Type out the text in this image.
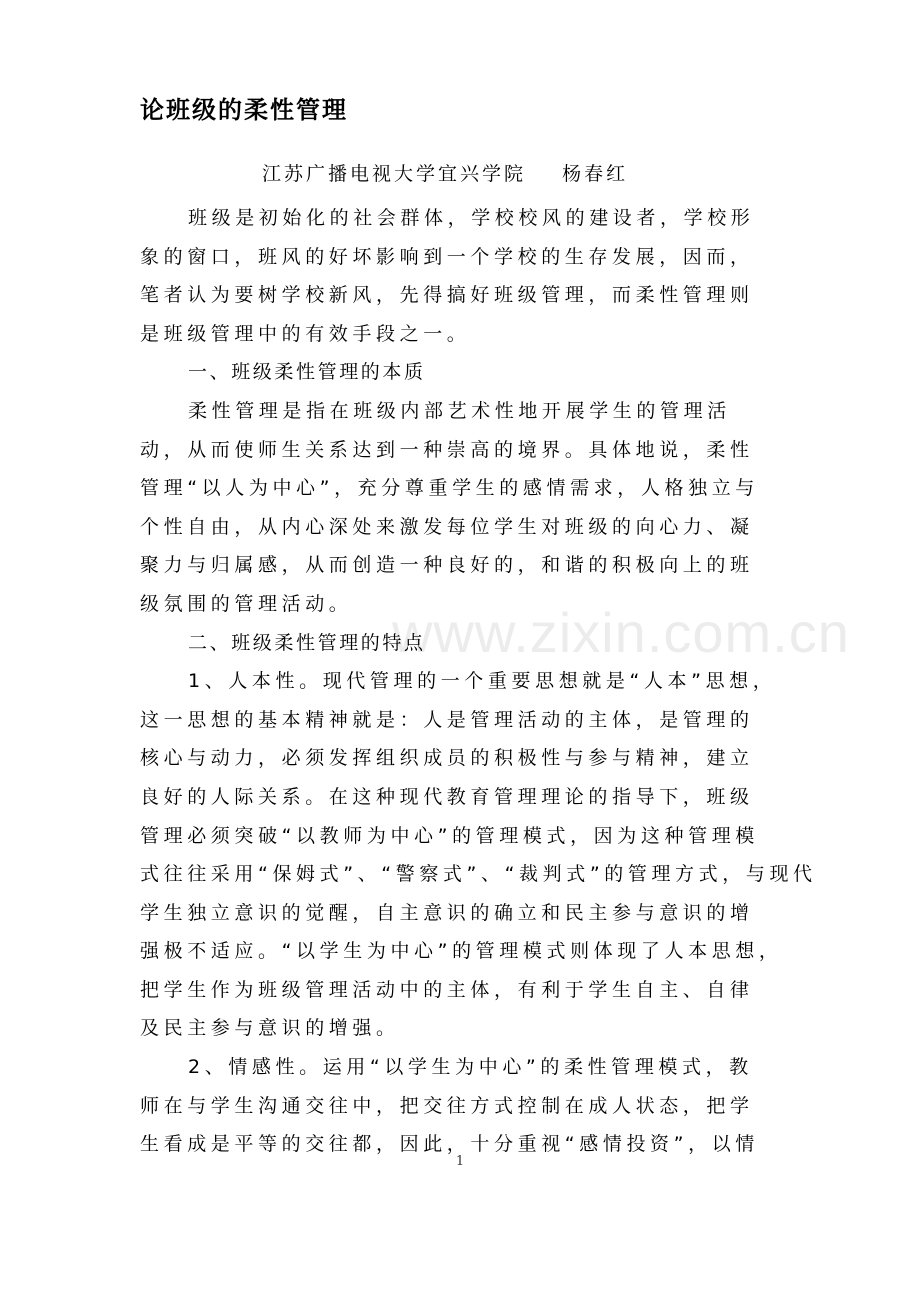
www.zixin.com.cn
论班级的柔性管理
江苏广播电视大学宜兴学院    杨春红
班级是初始化的社会群体，学校校风的建设者，学校形
象的窗口，班风的好坏影响到一个学校的生存发展，因而，
笔者认为要树学校新风，先得搞好班级管理，而柔性管理则
是班级管理中的有效手段之一。
一、班级柔性管理的本质
柔性管理是指在班级内部艺术性地开展学生的管理活
动，从而使师生关系达到一种崇高的境界。具体地说，柔性
管理“以人为中心”，充分尊重学生的感情需求，人格独立与
个性自由，从内心深处来激发每位学生对班级的向心力、凝
聚力与归属感，从而创造一种良好的，和谐的积极向上的班
级氛围的管理活动。
二、班级柔性管理的特点
1、人本性。现代管理的一个重要思想就是“人本”思想，
这一思想的基本精神就是：人是管理活动的主体，是管理的
核心与动力，必须发挥组织成员的积极性与参与精神，建立
良好的人际关系。在这种现代教育管理理论的指导下，班级
管理必须突破“以教师为中心”的管理模式，因为这种管理模
式往往采用“保姆式”、“警察式”、“裁判式”的管理方式，与现代
学生独立意识的觉醒，自主意识的确立和民主参与意识的增
强极不适应。“以学生为中心”的管理模式则体现了人本思想，
把学生作为班级管理活动中的主体，有利于学生自主、自律
及民主参与意识的增强。
2、情感性。运用“以学生为中心”的柔性管理模式，教
师在与学生沟通交往中，把交往方式控制在成人状态，把学
生看成是平等的交往都，因此，十分重视“感情投资”，以情
1
